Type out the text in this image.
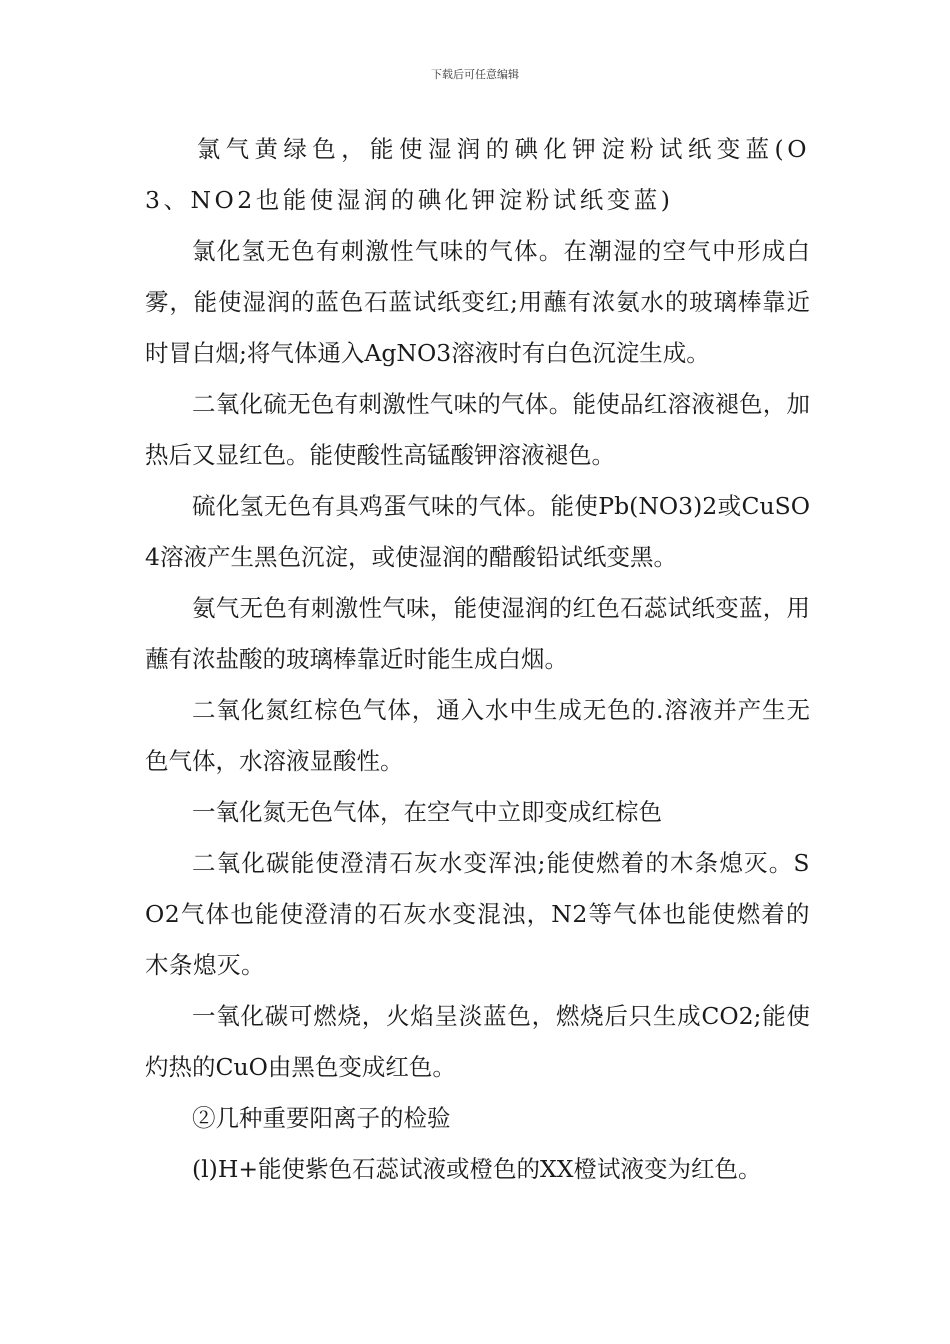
下载后可任意编辑

氯气黄绿色，能使湿润的碘化钾淀粉试纸变蓝(O3、NO2也能使湿润的碘化钾淀粉试纸变蓝)

氯化氢无色有刺激性气味的气体。在潮湿的空气中形成白雾，能使湿润的蓝色石蓝试纸变红;用蘸有浓氨水的玻璃棒靠近时冒白烟;将气体通入AgNO3溶液时有白色沉淀生成。

二氧化硫无色有刺激性气味的气体。能使品红溶液褪色，加热后又显红色。能使酸性高锰酸钾溶液褪色。

硫化氢无色有具鸡蛋气味的气体。能使Pb(NO3)2或CuSO4溶液产生黑色沉淀，或使湿润的醋酸铅试纸变黑。

氨气无色有刺激性气味，能使湿润的红色石蕊试纸变蓝，用蘸有浓盐酸的玻璃棒靠近时能生成白烟。

二氧化氮红棕色气体，通入水中生成无色的.溶液并产生无色气体，水溶液显酸性。

一氧化氮无色气体，在空气中立即变成红棕色

二氧化碳能使澄清石灰水变浑浊;能使燃着的木条熄灭。SO2气体也能使澄清的石灰水变混浊，N2等气体也能使燃着的木条熄灭。

一氧化碳可燃烧，火焰呈淡蓝色，燃烧后只生成CO2;能使灼热的CuO由黑色变成红色。

②几种重要阳离子的检验

(l)H+能使紫色石蕊试液或橙色的XX橙试液变为红色。
